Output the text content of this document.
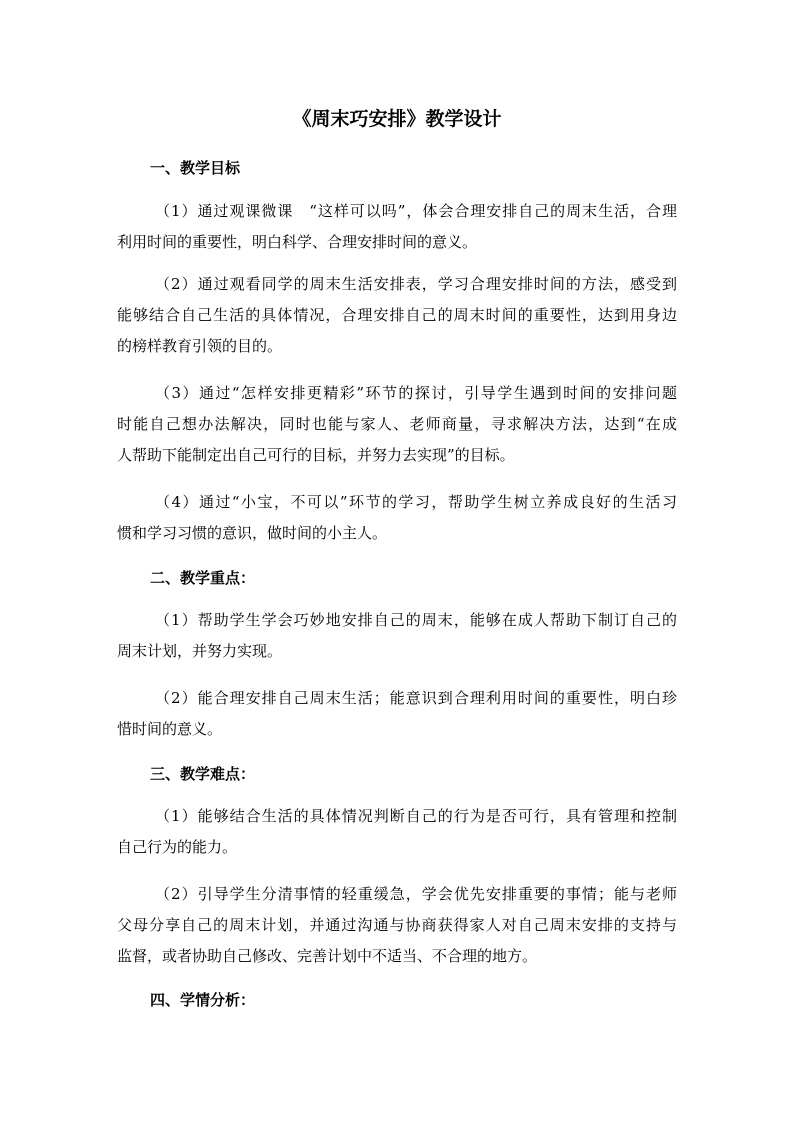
《周末巧安排》教学设计
一、教学目标

（1）通过观课微课　“这样可以吗”，体会合理安排自己的周末生活，合理
利用时间的重要性，明白科学、合理安排时间的意义。

（2）通过观看同学的周末生活安排表，学习合理安排时间的方法，感受到
能够结合自己生活的具体情况，合理安排自己的周末时间的重要性，达到用身边
的榜样教育引领的目的。

（3）通过“怎样安排更精彩”环节的探讨，引导学生遇到时间的安排问题
时能自己想办法解决，同时也能与家人、老师商量，寻求解决方法，达到“在成
人帮助下能制定出自己可行的目标，并努力去实现”的目标。

（4）通过“小宝，不可以”环节的学习，帮助学生树立养成良好的生活习
惯和学习习惯的意识，做时间的小主人。

二、教学重点：

（1）帮助学生学会巧妙地安排自己的周末，能够在成人帮助下制订自己的
周末计划，并努力实现。

（2）能合理安排自己周末生活；能意识到合理利用时间的重要性，明白珍
惜时间的意义。

三、教学难点：

（1）能够结合生活的具体情况判断自己的行为是否可行，具有管理和控制
自己行为的能力。

（2）引导学生分清事情的轻重缓急，学会优先安排重要的事情；能与老师
父母分享自己的周末计划，并通过沟通与协商获得家人对自己周末安排的支持与
监督，或者协助自己修改、完善计划中不适当、不合理的地方。

四、学情分析：
